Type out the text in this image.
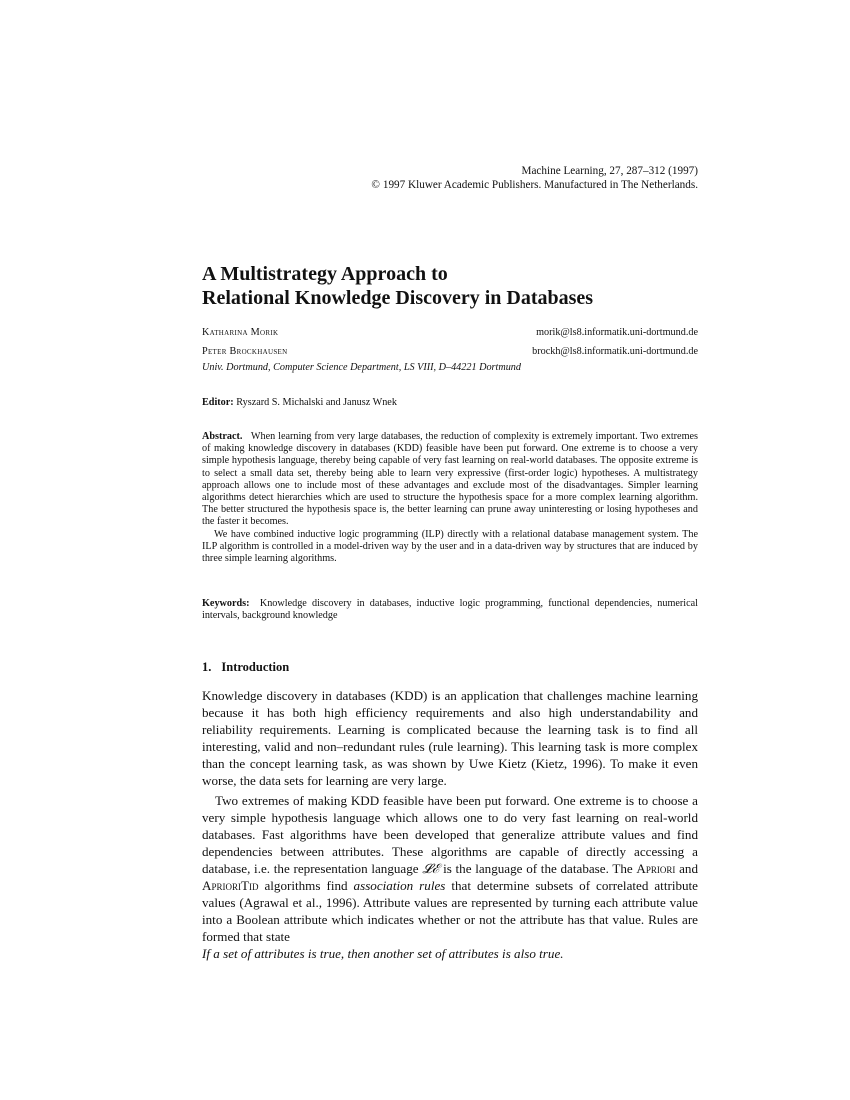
Machine Learning, 27, 287–312 (1997)
© 1997 Kluwer Academic Publishers. Manufactured in The Netherlands.
A Multistrategy Approach to
Relational Knowledge Discovery in Databases
Katharina Morik	morik@ls8.informatik.uni-dortmund.de
Peter Brockhausen	brockh@ls8.informatik.uni-dortmund.de
Univ. Dortmund, Computer Science Department, LS VIII, D–44221 Dortmund
Editor: Ryszard S. Michalski and Janusz Wnek

Abstract. When learning from very large databases, the reduction of complexity is extremely important. Two extremes of making knowledge discovery in databases (KDD) feasible have been put forward. One extreme is to choose a very simple hypothesis language, thereby being capable of very fast learning on real-world databases. The opposite extreme is to select a small data set, thereby being able to learn very expressive (first-order logic) hypotheses. A multistrategy approach allows one to include most of these advantages and exclude most of the disadvantages. Simpler learning algorithms detect hierarchies which are used to structure the hypothesis space for a more complex learning algorithm. The better structured the hypothesis space is, the better learning can prune away uninteresting or losing hypotheses and the faster it becomes.

We have combined inductive logic programming (ILP) directly with a relational database management system. The ILP algorithm is controlled in a model-driven way by the user and in a data-driven way by structures that are induced by three simple learning algorithms.

Keywords: Knowledge discovery in databases, inductive logic programming, functional dependencies, numerical intervals, background knowledge

1. Introduction

Knowledge discovery in databases (KDD) is an application that challenges machine learning because it has both high efficiency requirements and also high understandability and reliability requirements. Learning is complicated because the learning task is to find all interesting, valid and non–redundant rules (rule learning). This learning task is more complex than the concept learning task, as was shown by Uwe Kietz (Kietz, 1996). To make it even worse, the data sets for learning are very large.

Two extremes of making KDD feasible have been put forward. One extreme is to choose a very simple hypothesis language which allows one to do very fast learning on real-world databases. Fast algorithms have been developed that generalize attribute values and find dependencies between attributes. These algorithms are capable of directly accessing a database, i.e. the representation language 𝓛ℰ is the language of the database. The Apriori and AprioriTid algorithms find association rules that determine subsets of correlated attribute values (Agrawal et al., 1996). Attribute values are represented by turning each attribute value into a Boolean attribute which indicates whether or not the attribute has that value. Rules are formed that state

If a set of attributes is true, then another set of attributes is also true.
